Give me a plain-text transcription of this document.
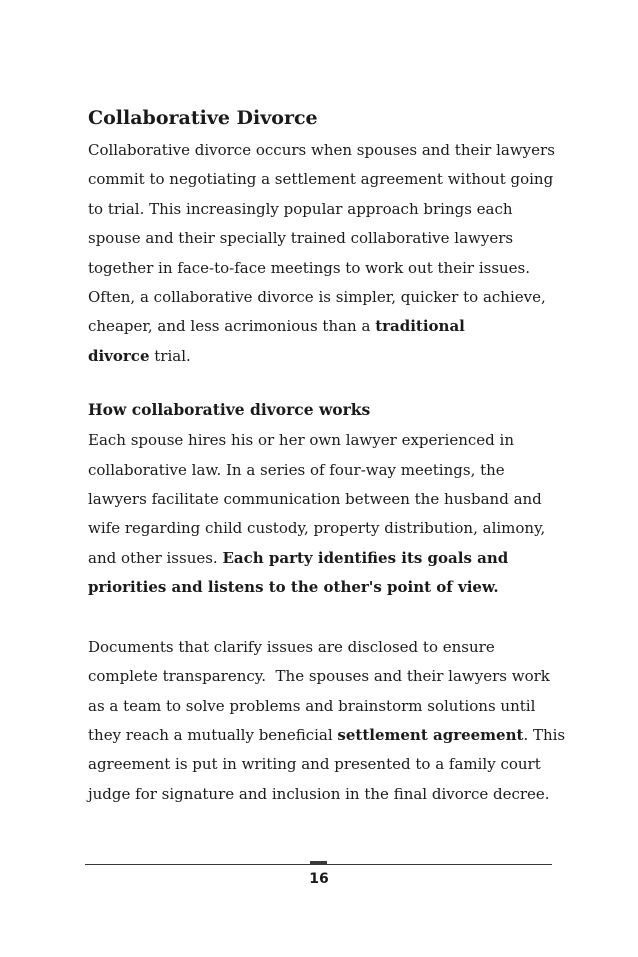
Collaborative Divorce

Collaborative divorce occurs when spouses and their lawyers
commit to negotiating a settlement agreement without going
to trial. This increasingly popular approach brings each
spouse and their specially trained collaborative lawyers
together in face-to-face meetings to work out their issues.
Often, a collaborative divorce is simpler, quicker to achieve,
cheaper, and less acrimonious than a traditional
divorce trial.

How collaborative divorce works

Each spouse hires his or her own lawyer experienced in
collaborative law. In a series of four-way meetings, the
lawyers facilitate communication between the husband and
wife regarding child custody, property distribution, alimony,
and other issues. Each party identifies its goals and
priorities and listens to the other's point of view.

Documents that clarify issues are disclosed to ensure
complete transparency.  The spouses and their lawyers work
as a team to solve problems and brainstorm solutions until
they reach a mutually beneficial settlement agreement. This
agreement is put in writing and presented to a family court
judge for signature and inclusion in the final divorce decree.

16
